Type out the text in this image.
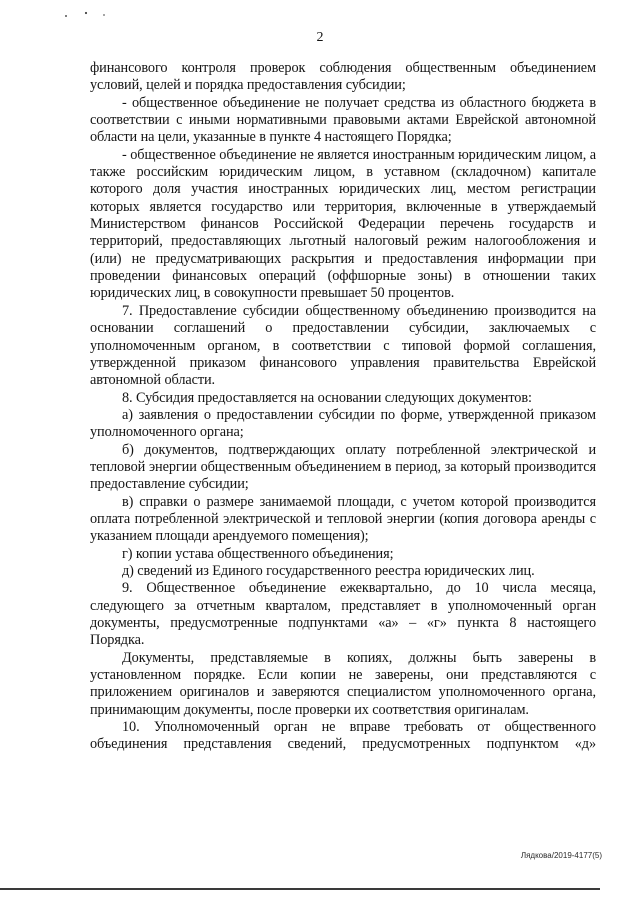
2

финансового контроля проверок соблюдения общественным объединением условий, целей и порядка предоставления субсидии;

- общественное объединение не получает средства из областного бюджета в соответствии с иными нормативными правовыми актами Еврейской автономной области на цели, указанные в пункте 4 настоящего Порядка;

- общественное объединение не является иностранным юридическим лицом, а также российским юридическим лицом, в уставном (складочном) капитале которого доля участия иностранных юридических лиц, местом регистрации которых является государство или территория, включенные в утверждаемый Министерством финансов Российской Федерации перечень государств и территорий, предоставляющих льготный налоговый режим налогообложения и (или) не предусматривающих раскрытия и предоставления информации при проведении финансовых операций (оффшорные зоны) в отношении таких юридических лиц, в совокупности превышает 50 процентов.

7. Предоставление субсидии общественному объединению производится на основании соглашений о предоставлении субсидии, заключаемых с уполномоченным органом, в соответствии с типовой формой соглашения, утвержденной приказом финансового управления правительства Еврейской автономной области.

8. Субсидия предоставляется на основании следующих документов:

а) заявления о предоставлении субсидии по форме, утвержденной приказом уполномоченного органа;

б) документов, подтверждающих оплату потребленной электрической и тепловой энергии общественным объединением в период, за который производится предоставление субсидии;

в) справки о размере занимаемой площади, с учетом которой производится оплата потребленной электрической и тепловой энергии (копия договора аренды с указанием площади арендуемого помещения);

г) копии устава общественного объединения;

д) сведений из Единого государственного реестра юридических лиц.

9. Общественное объединение ежеквартально, до 10 числа месяца, следующего за отчетным кварталом, представляет в уполномоченный орган документы, предусмотренные подпунктами «а» – «г» пункта 8 настоящего Порядка.

Документы, представляемые в копиях, должны быть заверены в установленном порядке. Если копии не заверены, они представляются с приложением оригиналов и заверяются специалистом уполномоченного органа, принимающим документы, после проверки их соответствия оригиналам.

10. Уполномоченный орган не вправе требовать от общественного объединения представления сведений, предусмотренных подпунктом «д»

Лядкова/2019-4177(5)
